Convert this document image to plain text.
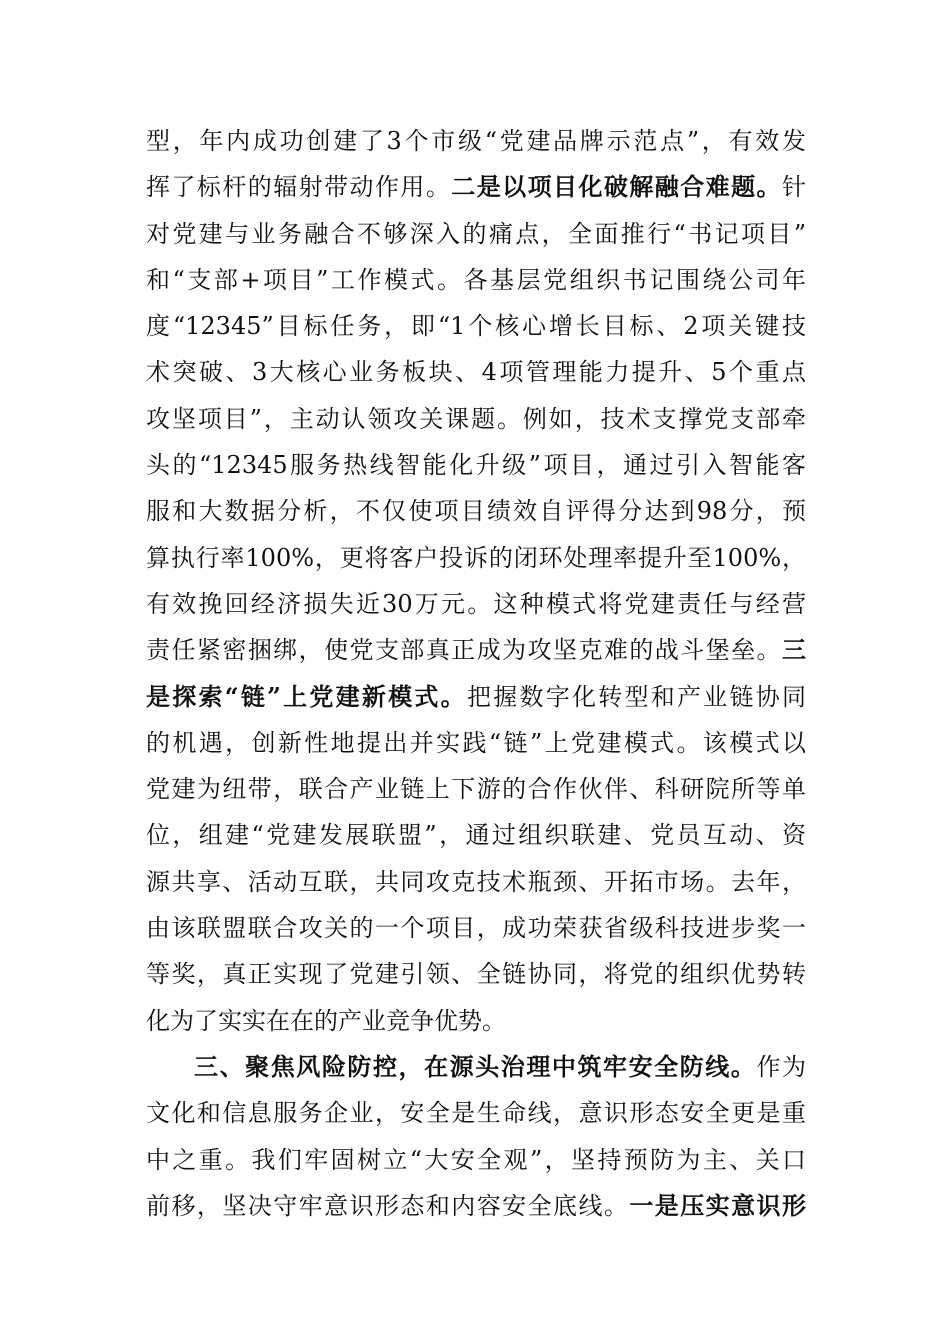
型，年内成功创建了3个市级“党建品牌示范点”，有效发
挥了标杆的辐射带动作用。二是以项目化破解融合难题。针
对党建与业务融合不够深入的痛点，全面推行“书记项目”
和“支部+项目”工作模式。各基层党组织书记围绕公司年
度“12345”目标任务，即“1个核心增长目标、2项关键技
术突破、3大核心业务板块、4项管理能力提升、5个重点
攻坚项目”，主动认领攻关课题。例如，技术支撑党支部牵
头的“12345服务热线智能化升级”项目，通过引入智能客
服和大数据分析，不仅使项目绩效自评得分达到98分，预
算执行率100%，更将客户投诉的闭环处理率提升至100%，
有效挽回经济损失近30万元。这种模式将党建责任与经营
责任紧密捆绑，使党支部真正成为攻坚克难的战斗堡垒。三
是探索“链”上党建新模式。把握数字化转型和产业链协同
的机遇，创新性地提出并实践“链”上党建模式。该模式以
党建为纽带，联合产业链上下游的合作伙伴、科研院所等单
位，组建“党建发展联盟”，通过组织联建、党员互动、资
源共享、活动互联，共同攻克技术瓶颈、开拓市场。去年，
由该联盟联合攻关的一个项目，成功荣获省级科技进步奖一
等奖，真正实现了党建引领、全链协同，将党的组织优势转
化为了实实在在的产业竞争优势。
三、聚焦风险防控，在源头治理中筑牢安全防线。作为
文化和信息服务企业，安全是生命线，意识形态安全更是重
中之重。我们牢固树立“大安全观”，坚持预防为主、关口
前移，坚决守牢意识形态和内容安全底线。一是压实意识形
